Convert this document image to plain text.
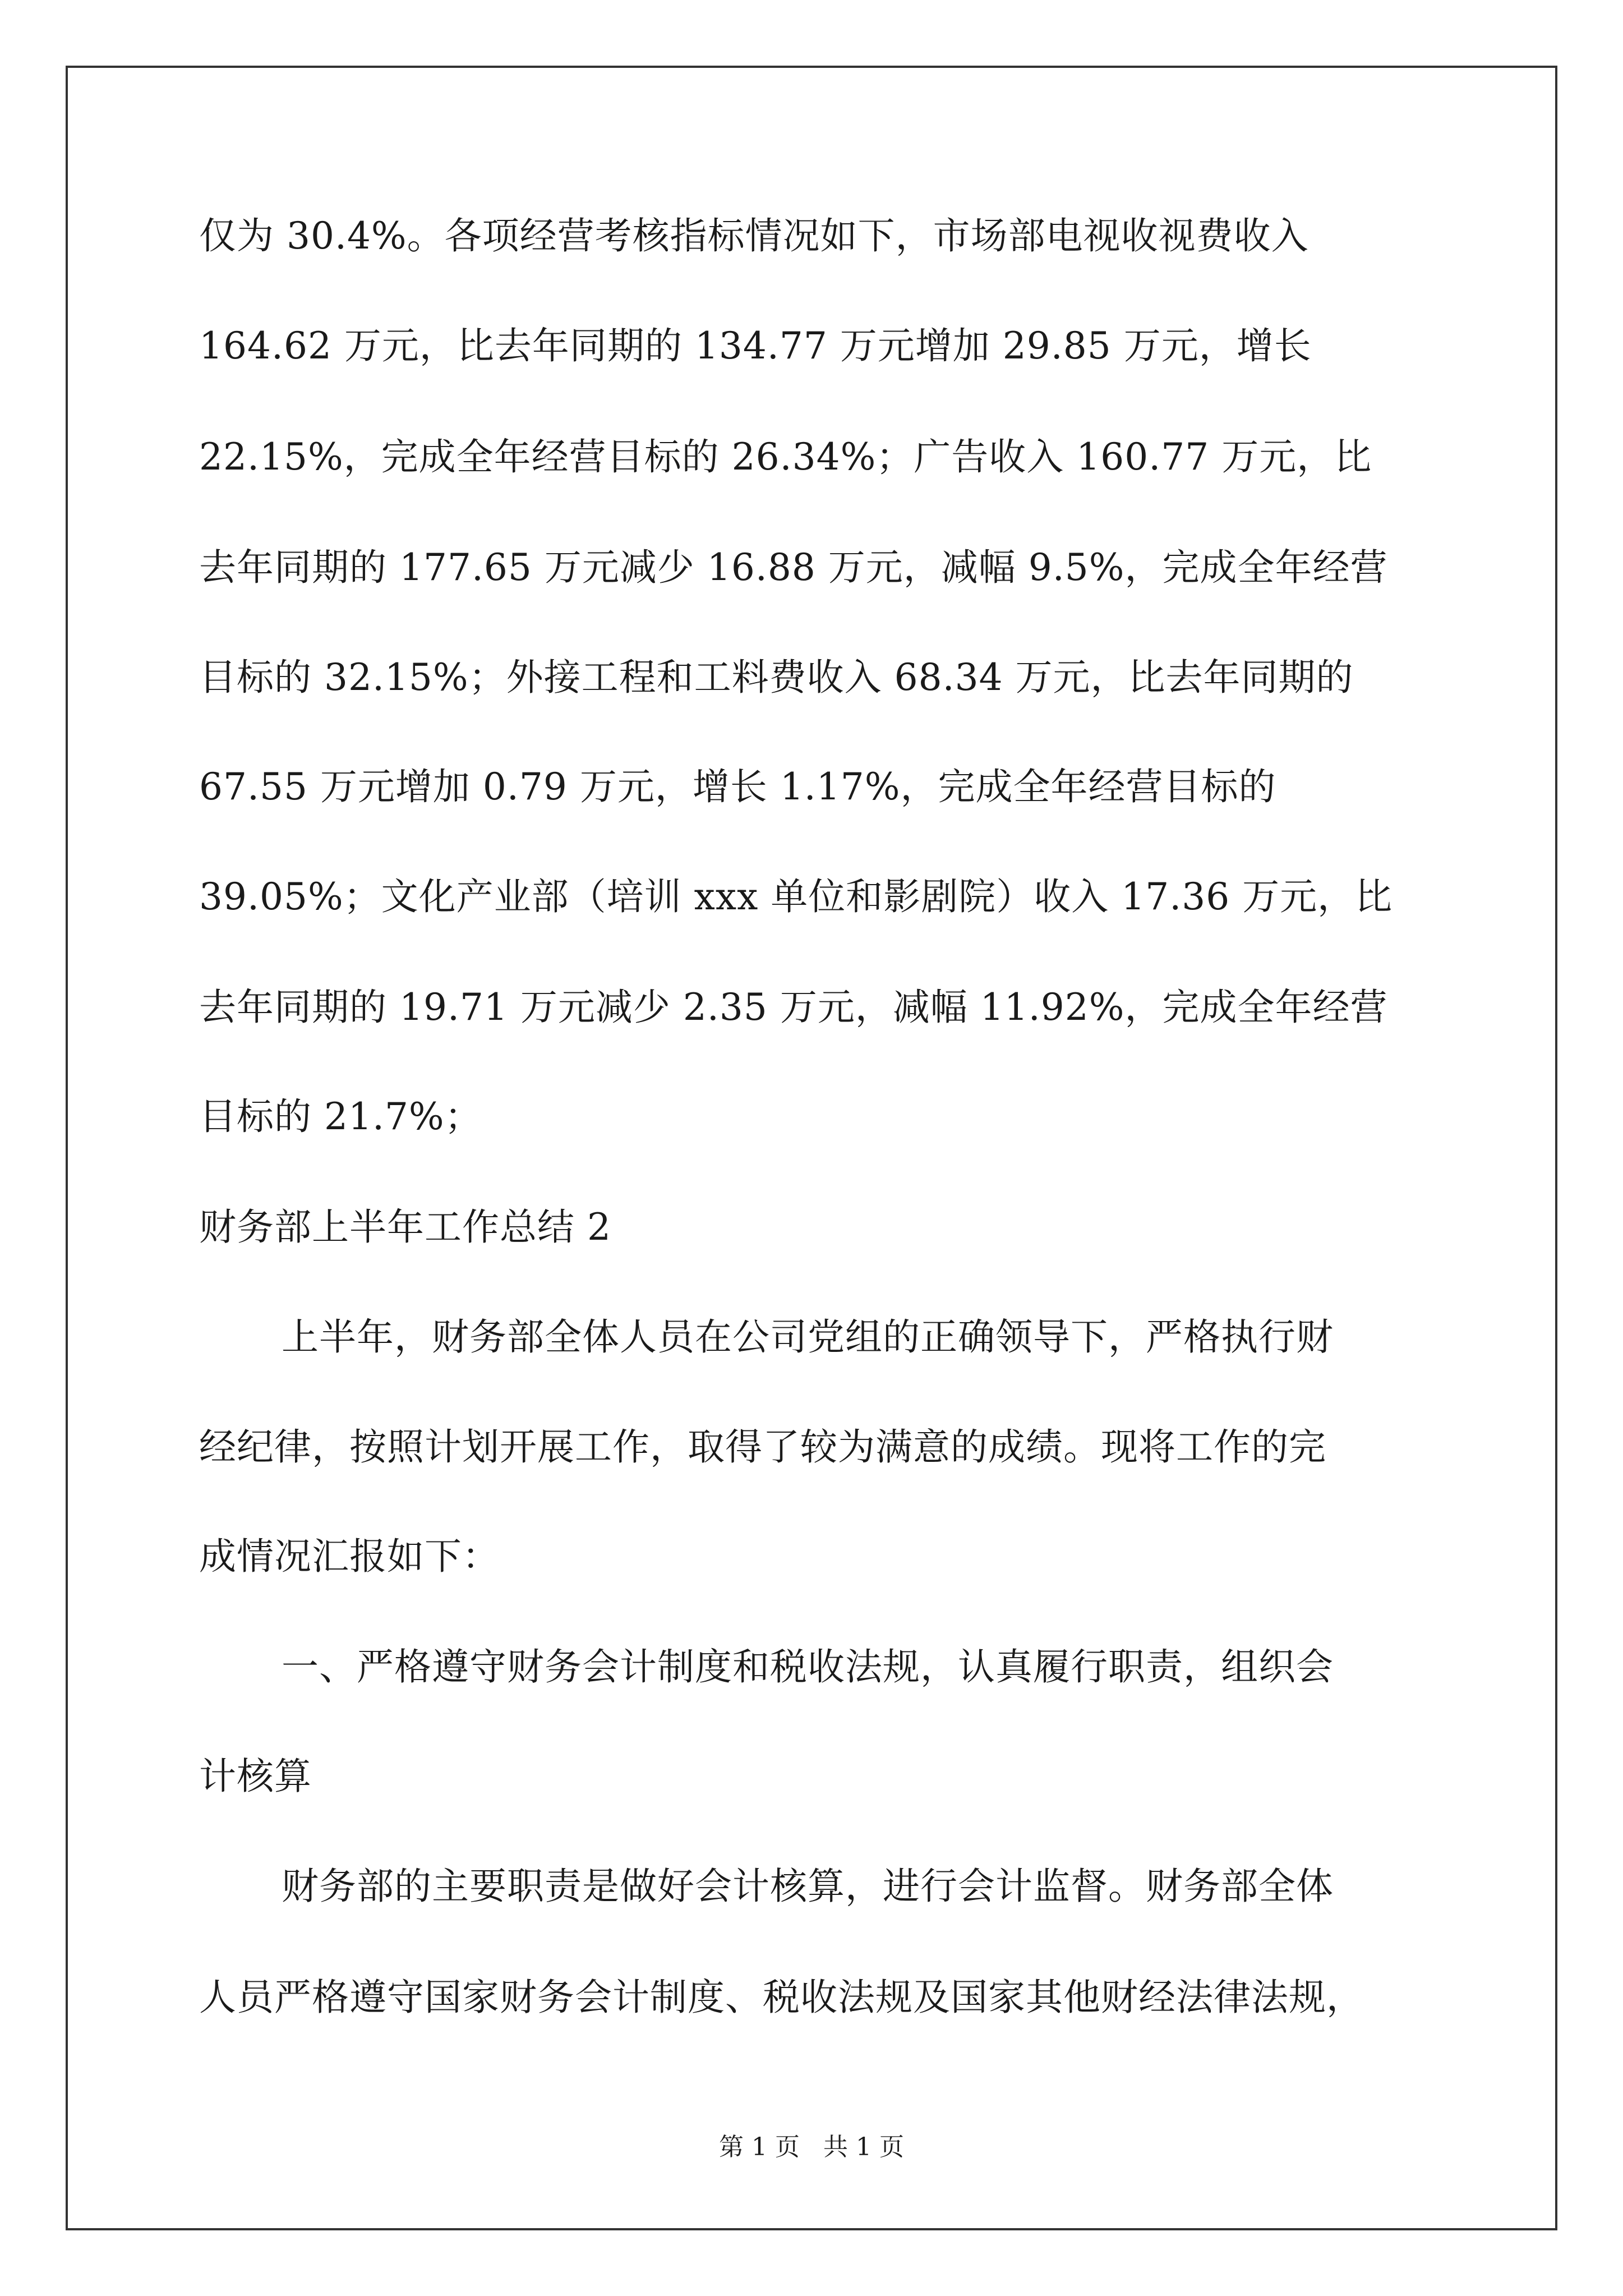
仅为 30.4%。各项经营考核指标情况如下，市场部电视收视费收入

164.62 万元，比去年同期的 134.77 万元增加 29.85 万元，增长

22.15%，完成全年经营目标的 26.34%；广告收入 160.77 万元，比

去年同期的 177.65 万元减少 16.88 万元，减幅 9.5%，完成全年经营

目标的 32.15%；外接工程和工料费收入 68.34 万元，比去年同期的

67.55 万元增加 0.79 万元，增长 1.17%，完成全年经营目标的

39.05%；文化产业部（培训 xxx 单位和影剧院）收入 17.36 万元，比

去年同期的 19.71 万元减少 2.35 万元，减幅 11.92%，完成全年经营

目标的 21.7%；

财务部上半年工作总结 2

上半年，财务部全体人员在公司党组的正确领导下，严格执行财

经纪律，按照计划开展工作，取得了较为满意的成绩。现将工作的完

成情况汇报如下：

一、严格遵守财务会计制度和税收法规，认真履行职责，组织会

计核算

财务部的主要职责是做好会计核算，进行会计监督。财务部全体

人员严格遵守国家财务会计制度、税收法规及国家其他财经法律法规，

第 1 页   共 1 页
